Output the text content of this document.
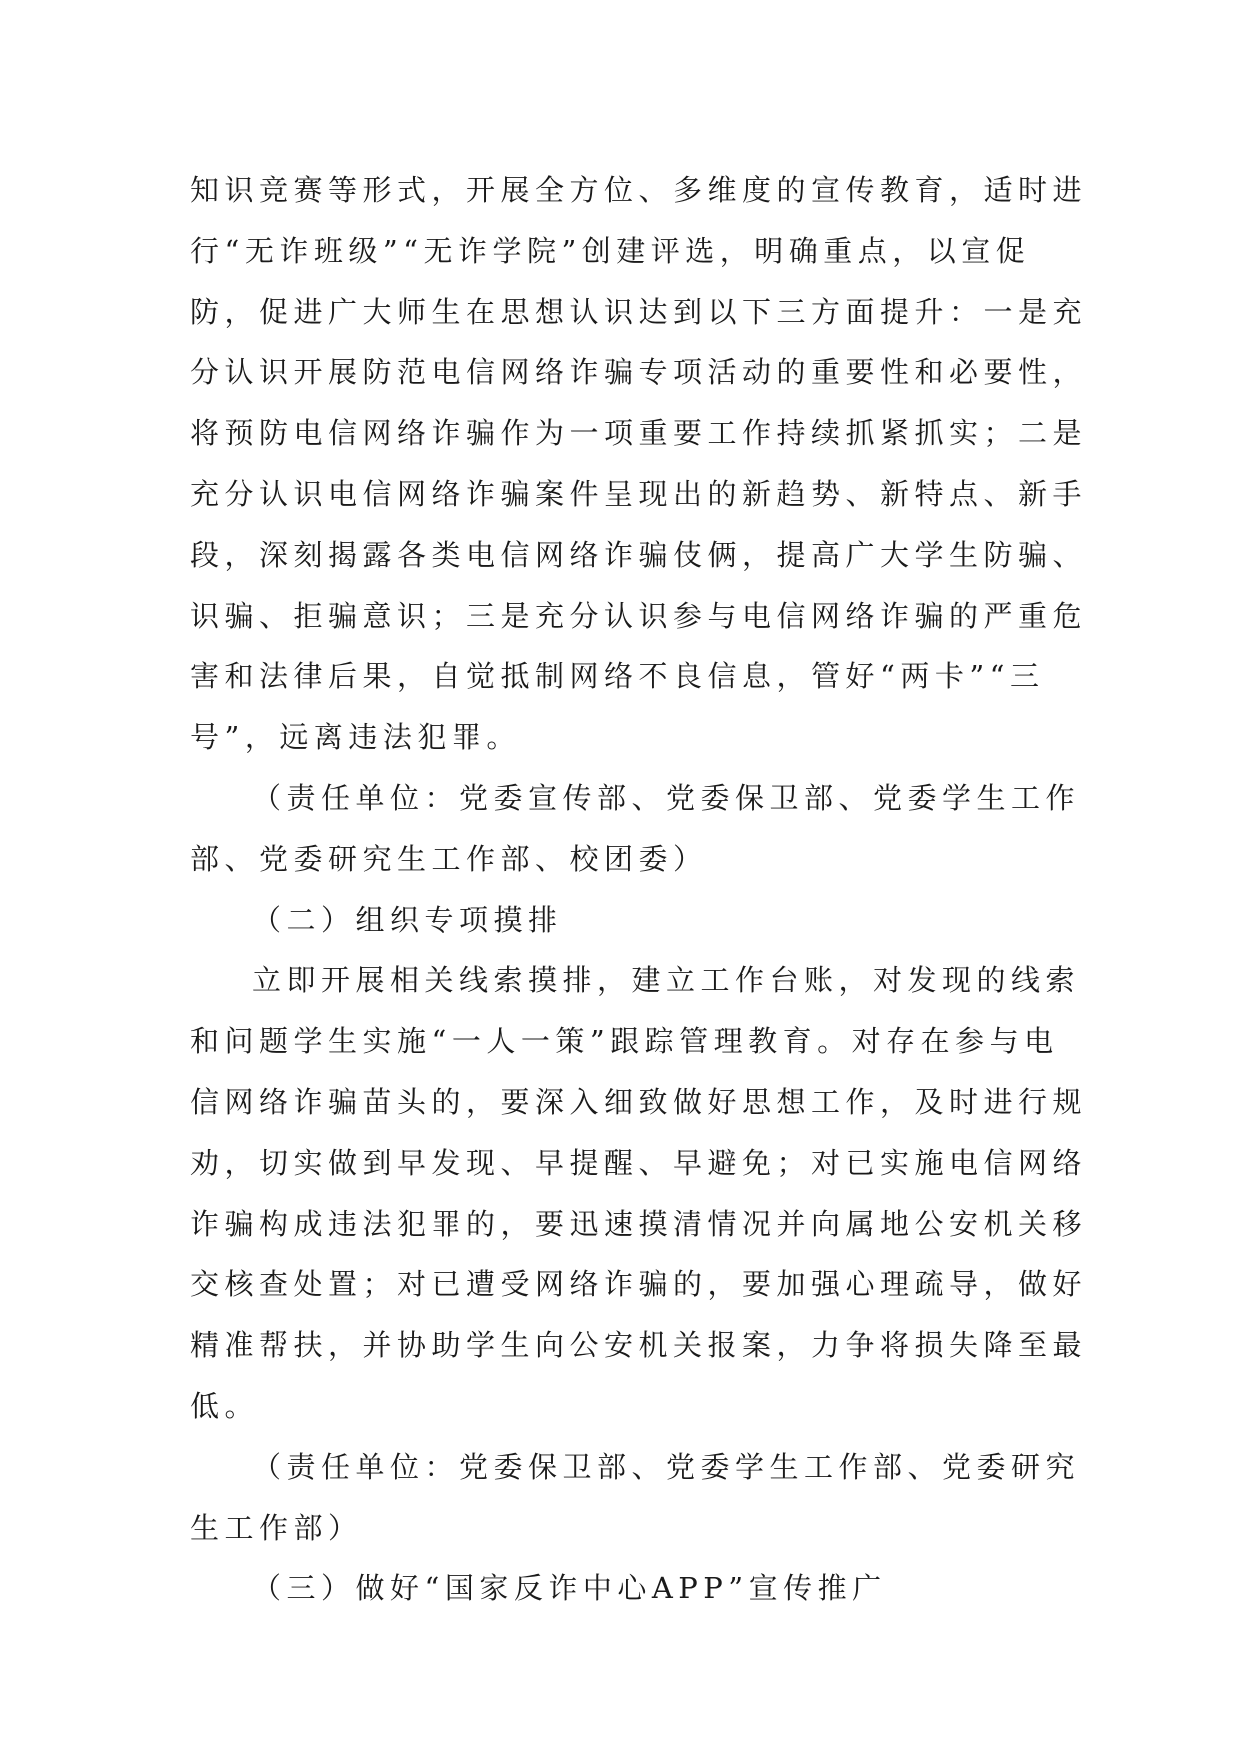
知识竞赛等形式，开展全方位、多维度的宣传教育，适时进
行“无诈班级”“无诈学院”创建评选，明确重点，以宣促
防，促进广大师生在思想认识达到以下三方面提升：一是充
分认识开展防范电信网络诈骗专项活动的重要性和必要性，
将预防电信网络诈骗作为一项重要工作持续抓紧抓实；二是
充分认识电信网络诈骗案件呈现出的新趋势、新特点、新手
段，深刻揭露各类电信网络诈骗伎俩，提高广大学生防骗、
识骗、拒骗意识；三是充分认识参与电信网络诈骗的严重危
害和法律后果，自觉抵制网络不良信息，管好“两卡”“三
号”，远离违法犯罪。
（责任单位：党委宣传部、党委保卫部、党委学生工作
部、党委研究生工作部、校团委）
（二）组织专项摸排
立即开展相关线索摸排，建立工作台账，对发现的线索
和问题学生实施“一人一策”跟踪管理教育。对存在参与电
信网络诈骗苗头的，要深入细致做好思想工作，及时进行规
劝，切实做到早发现、早提醒、早避免；对已实施电信网络
诈骗构成违法犯罪的，要迅速摸清情况并向属地公安机关移
交核查处置；对已遭受网络诈骗的，要加强心理疏导，做好
精准帮扶，并协助学生向公安机关报案，力争将损失降至最
低。
（责任单位：党委保卫部、党委学生工作部、党委研究
生工作部）
（三）做好“国家反诈中心APP”宣传推广
